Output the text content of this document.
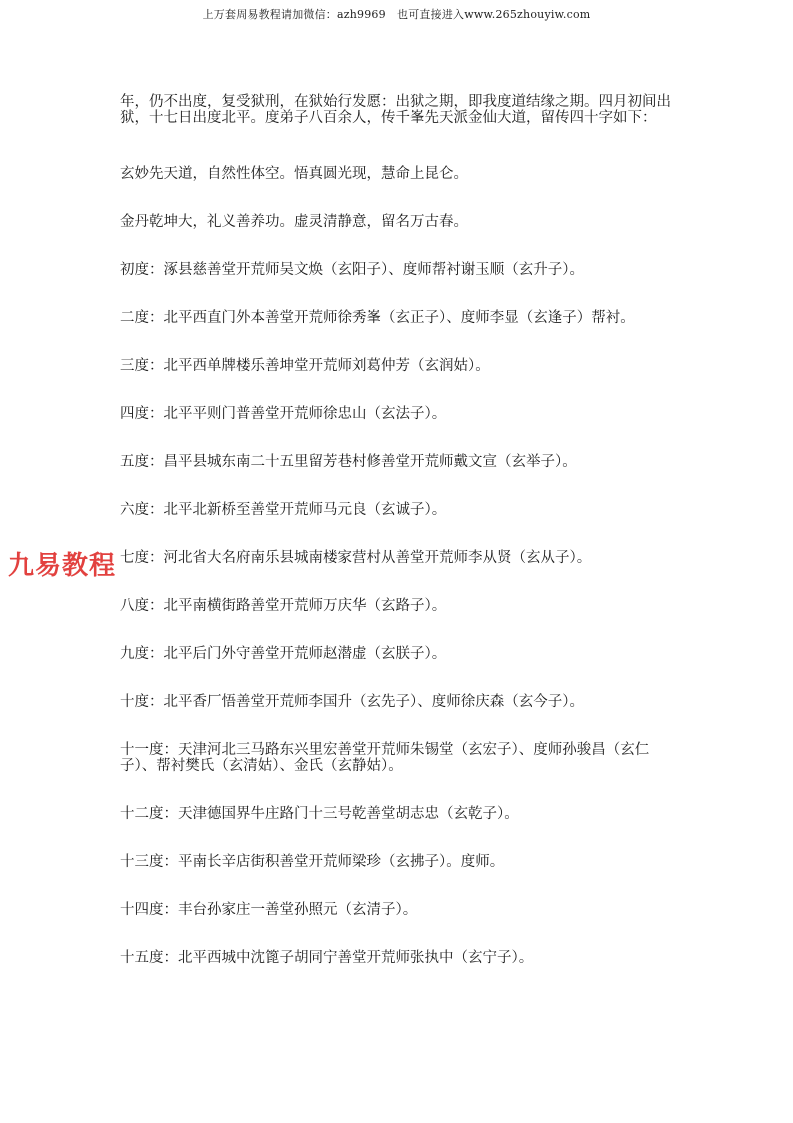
上万套周易教程请加微信：azh9969　也可直接进入www.265zhouyiw.com
九易教程

年，仍不出度，复受狱刑，在狱始行发愿：出狱之期，即我度道结缘之期。四月初间出狱，十七日出度北平。度弟子八百余人，传千峯先天派金仙大道，留传四十字如下：

玄妙先天道，自然性体空。悟真圆光现，慧命上昆仑。

金丹乾坤大，礼义善养功。虚灵清静意，留名万古春。

初度：涿县慈善堂开荒师吴文焕（玄阳子）、度师帮衬谢玉顺（玄升子）。
二度：北平西直门外本善堂开荒师徐秀峯（玄正子）、度师李显（玄逢子）帮衬。
三度：北平西单牌楼乐善坤堂开荒师刘葛仲芳（玄润姑）。
四度：北平平则门普善堂开荒师徐忠山（玄法子）。
五度：昌平县城东南二十五里留芳巷村修善堂开荒师戴文宣（玄举子）。
六度：北平北新桥至善堂开荒师马元良（玄诚子）。
七度：河北省大名府南乐县城南楼家营村从善堂开荒师李从贤（玄从子）。
八度：北平南横街路善堂开荒师万庆华（玄路子）。
九度：北平后门外守善堂开荒师赵潜虚（玄朕子）。
十度：北平香厂悟善堂开荒师李国升（玄先子）、度师徐庆森（玄今子）。
十一度：天津河北三马路东兴里宏善堂开荒师朱锡堂（玄宏子）、度师孙骏昌（玄仁子）、帮衬樊氏（玄清姑）、金氏（玄静姑）。
十二度：天津德国界牛庄路门十三号乾善堂胡志忠（玄乾子）。
十三度：平南长辛店街积善堂开荒师梁珍（玄拂子）。度师。
十四度：丰台孙家庄一善堂孙照元（玄清子）。
十五度：北平西城中沈篦子胡同宁善堂开荒师张执中（玄宁子）。
